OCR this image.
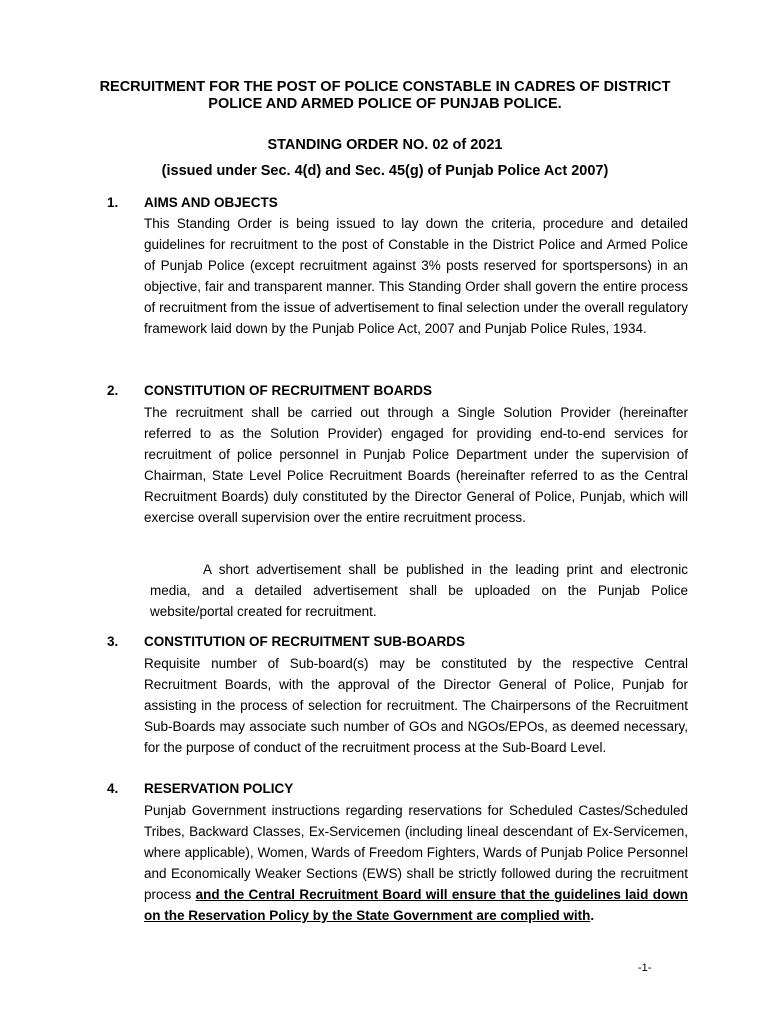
RECRUITMENT FOR THE POST OF POLICE CONSTABLE IN CADRES OF DISTRICT POLICE AND ARMED POLICE OF PUNJAB POLICE.
STANDING ORDER NO. 02 of 2021
(issued under Sec. 4(d) and Sec. 45(g) of Punjab Police Act 2007)
1. AIMS AND OBJECTS
This Standing Order is being issued to lay down the criteria, procedure and detailed guidelines for recruitment to the post of Constable in the District Police and Armed Police of Punjab Police (except recruitment against 3% posts reserved for sportspersons) in an objective, fair and transparent manner. This Standing Order shall govern the entire process of recruitment from the issue of advertisement to final selection under the overall regulatory framework laid down by the Punjab Police Act, 2007 and Punjab Police Rules, 1934.
2. CONSTITUTION OF RECRUITMENT BOARDS
The recruitment shall be carried out through a Single Solution Provider (hereinafter referred to as the Solution Provider) engaged for providing end-to-end services for recruitment of police personnel in Punjab Police Department under the supervision of Chairman, State Level Police Recruitment Boards (hereinafter referred to as the Central Recruitment Boards) duly constituted by the Director General of Police, Punjab, which will exercise overall supervision over the entire recruitment process.
A short advertisement shall be published in the leading print and electronic media, and a detailed advertisement shall be uploaded on the Punjab Police website/portal created for recruitment.
3. CONSTITUTION OF RECRUITMENT SUB-BOARDS
Requisite number of Sub-board(s) may be constituted by the respective Central Recruitment Boards, with the approval of the Director General of Police, Punjab for assisting in the process of selection for recruitment. The Chairpersons of the Recruitment Sub-Boards may associate such number of GOs and NGOs/EPOs, as deemed necessary, for the purpose of conduct of the recruitment process at the Sub-Board Level.
4. RESERVATION POLICY
Punjab Government instructions regarding reservations for Scheduled Castes/Scheduled Tribes, Backward Classes, Ex-Servicemen (including lineal descendant of Ex-Servicemen, where applicable), Women, Wards of Freedom Fighters, Wards of Punjab Police Personnel and Economically Weaker Sections (EWS) shall be strictly followed during the recruitment process and the Central Recruitment Board will ensure that the guidelines laid down on the Reservation Policy by the State Government are complied with.
-1-
